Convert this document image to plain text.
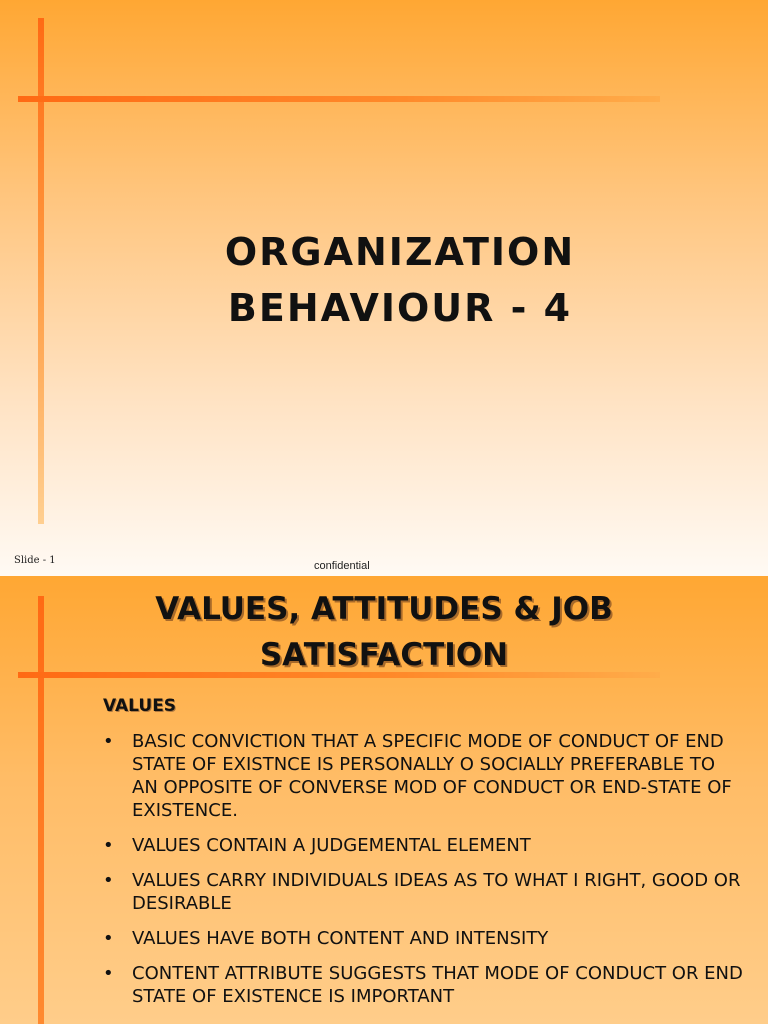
ORGANIZATION
BEHAVIOUR - 4
Slide - 1	confidential
VALUES, ATTITUDES & JOB
SATISFACTION
VALUES
• BASIC CONVICTION THAT A SPECIFIC MODE OF CONDUCT OF END STATE OF EXISTNCE IS PERSONALLY O SOCIALLY PREFERABLE TO AN OPPOSITE OF CONVERSE MOD OF CONDUCT OR END-STATE OF EXISTENCE.
• VALUES CONTAIN A JUDGEMENTAL ELEMENT
• VALUES CARRY INDIVIDUALS IDEAS AS TO WHAT I RIGHT, GOOD OR DESIRABLE
• VALUES HAVE BOTH CONTENT AND INTENSITY
• CONTENT ATTRIBUTE SUGGESTS THAT MODE OF CONDUCT OR END STATE OF EXISTENCE IS IMPORTANT
